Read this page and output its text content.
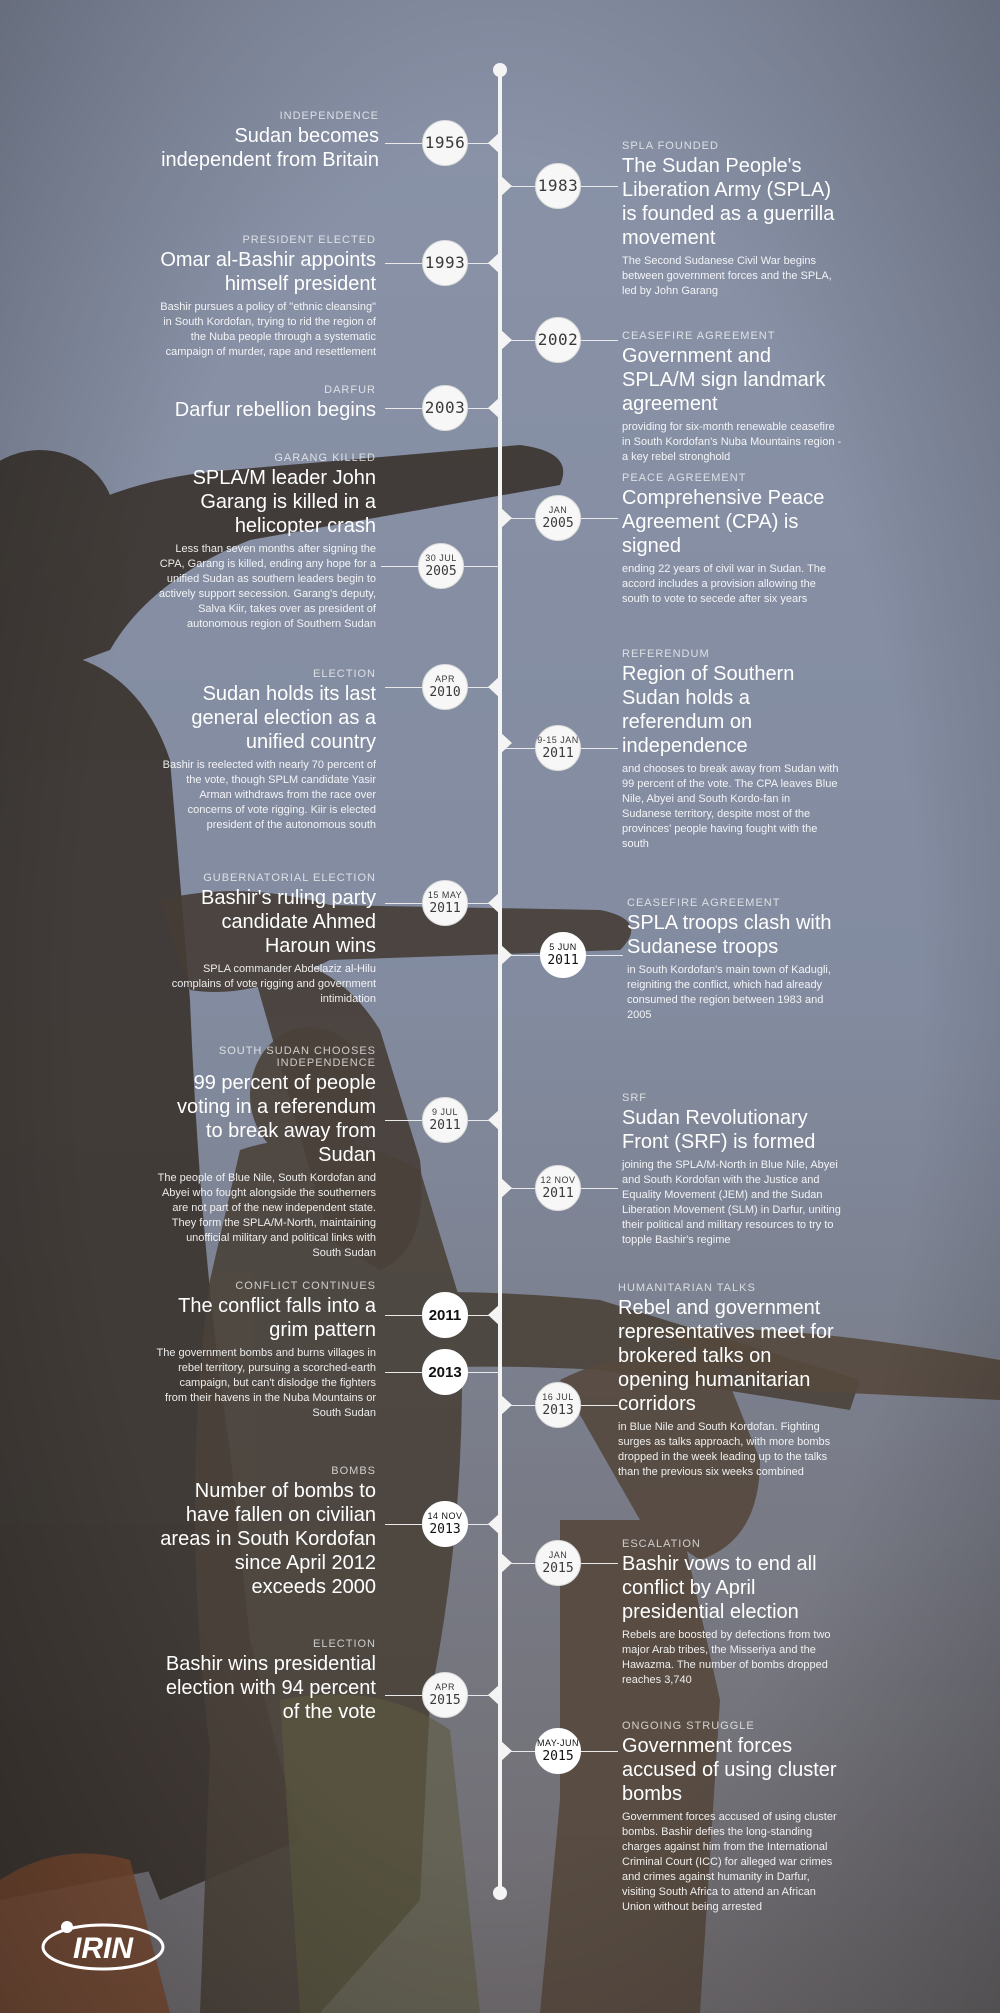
1956
1983
1993
2002
2003
JAN
2005
30 JUL
2005
APR
2010
9-15 JAN
2011
15 MAY
2011
5 JUN
2011
9 JUL
2011
12 NOV
2011
2011
2013
16 JUL
2013
14 NOV
2013
JAN
2015
APR
2015
MAY-JUN
2015
INDEPENDENCE
Sudan becomes independent from Britain
SPLA FOUNDED
The Sudan People's Liberation Army (SPLA) is founded as a guerrilla movement
The Second Sudanese Civil War begins between government forces and the SPLA, led by John Garang
PRESIDENT ELECTED
Omar al-Bashir appoints himself president
Bashir pursues a policy of "ethnic cleansing" in South Kordofan, trying to rid the region of the Nuba people through a systematic campaign of murder, rape and resettlement
CEASEFIRE AGREEMENT
Government and SPLA/M sign landmark agreement
providing for six-month renewable ceasefire in South Kordofan's Nuba Mountains region - a key rebel stronghold
DARFUR
Darfur rebellion begins
PEACE AGREEMENT
Comprehensive Peace Agreement (CPA) is signed
ending 22 years of civil war in Sudan. The accord includes a provision allowing the south to vote to secede after six years
GARANG KILLED
SPLA/M leader John Garang is killed in a helicopter crash
Less than seven months after signing the CPA, Garang is killed, ending any hope for a unified Sudan as southern leaders begin to actively support secession. Garang's deputy, Salva Kiir, takes over as president of autonomous region of Southern Sudan
ELECTION
Sudan holds its last general election as a unified country
Bashir is reelected with nearly 70 percent of the vote, though SPLM candidate Yasir Arman withdraws from the race over concerns of vote rigging. Kiir is elected president of the autonomous south
REFERENDUM
Region of Southern Sudan holds a referendum on independence
and chooses to break away from Sudan with 99 percent of the vote. The CPA leaves Blue Nile, Abyei and South Kordo-fan in Sudanese territory, despite most of the provinces' people having fought with the south
GUBERNATORIAL ELECTION
Bashir's ruling party candidate Ahmed Haroun wins
SPLA commander Abdelaziz al-Hilu complains of vote rigging and government intimidation
CEASEFIRE AGREEMENT
SPLA troops clash with Sudanese troops
in South Kordofan's main town of Kadugli, reigniting the conflict, which had already consumed the region between 1983 and 2005
SOUTH SUDAN CHOOSES INDEPENDENCE
99 percent of people voting in a referendum to break away from Sudan
The people of Blue Nile, South Kordofan and Abyei who fought alongside the southerners are not part of the new independent state. They form the SPLA/M-North, maintaining unofficial military and political links with South Sudan
SRF
Sudan Revolutionary Front (SRF) is formed
joining the SPLA/M-North in Blue Nile, Abyei and South Kordofan with the Justice and Equality Movement (JEM) and the Sudan Liberation Movement (SLM) in Darfur, uniting their political and military resources to try to topple Bashir's regime
CONFLICT CONTINUES
The conflict falls into a grim pattern
The government bombs and burns villages in rebel territory, pursuing a scorched-earth campaign, but can't dislodge the fighters from their havens in the Nuba Mountains or South Sudan
HUMANITARIAN TALKS
Rebel and government representatives meet for brokered talks on opening humanitarian corridors
in Blue Nile and South Kordofan. Fighting surges as talks approach, with more bombs dropped in the week leading up to the talks than the previous six weeks combined
BOMBS
Number of bombs to have fallen on civilian areas in South Kordofan since April 2012 exceeds 2000
ESCALATION
Bashir vows to end all conflict by April presidential election
Rebels are boosted by defections from two major Arab tribes, the Misseriya and the Hawazma. The number of bombs dropped reaches 3,740
ELECTION
Bashir wins presidential election with 94 percent of the vote
ONGOING STRUGGLE
Government forces accused of using cluster bombs
Government forces accused of using cluster bombs. Bashir defies the long-standing charges against him from the International Criminal Court (ICC) for alleged war crimes and crimes against humanity in Darfur, visiting South Africa to attend an African Union without being arrested
IRIN
